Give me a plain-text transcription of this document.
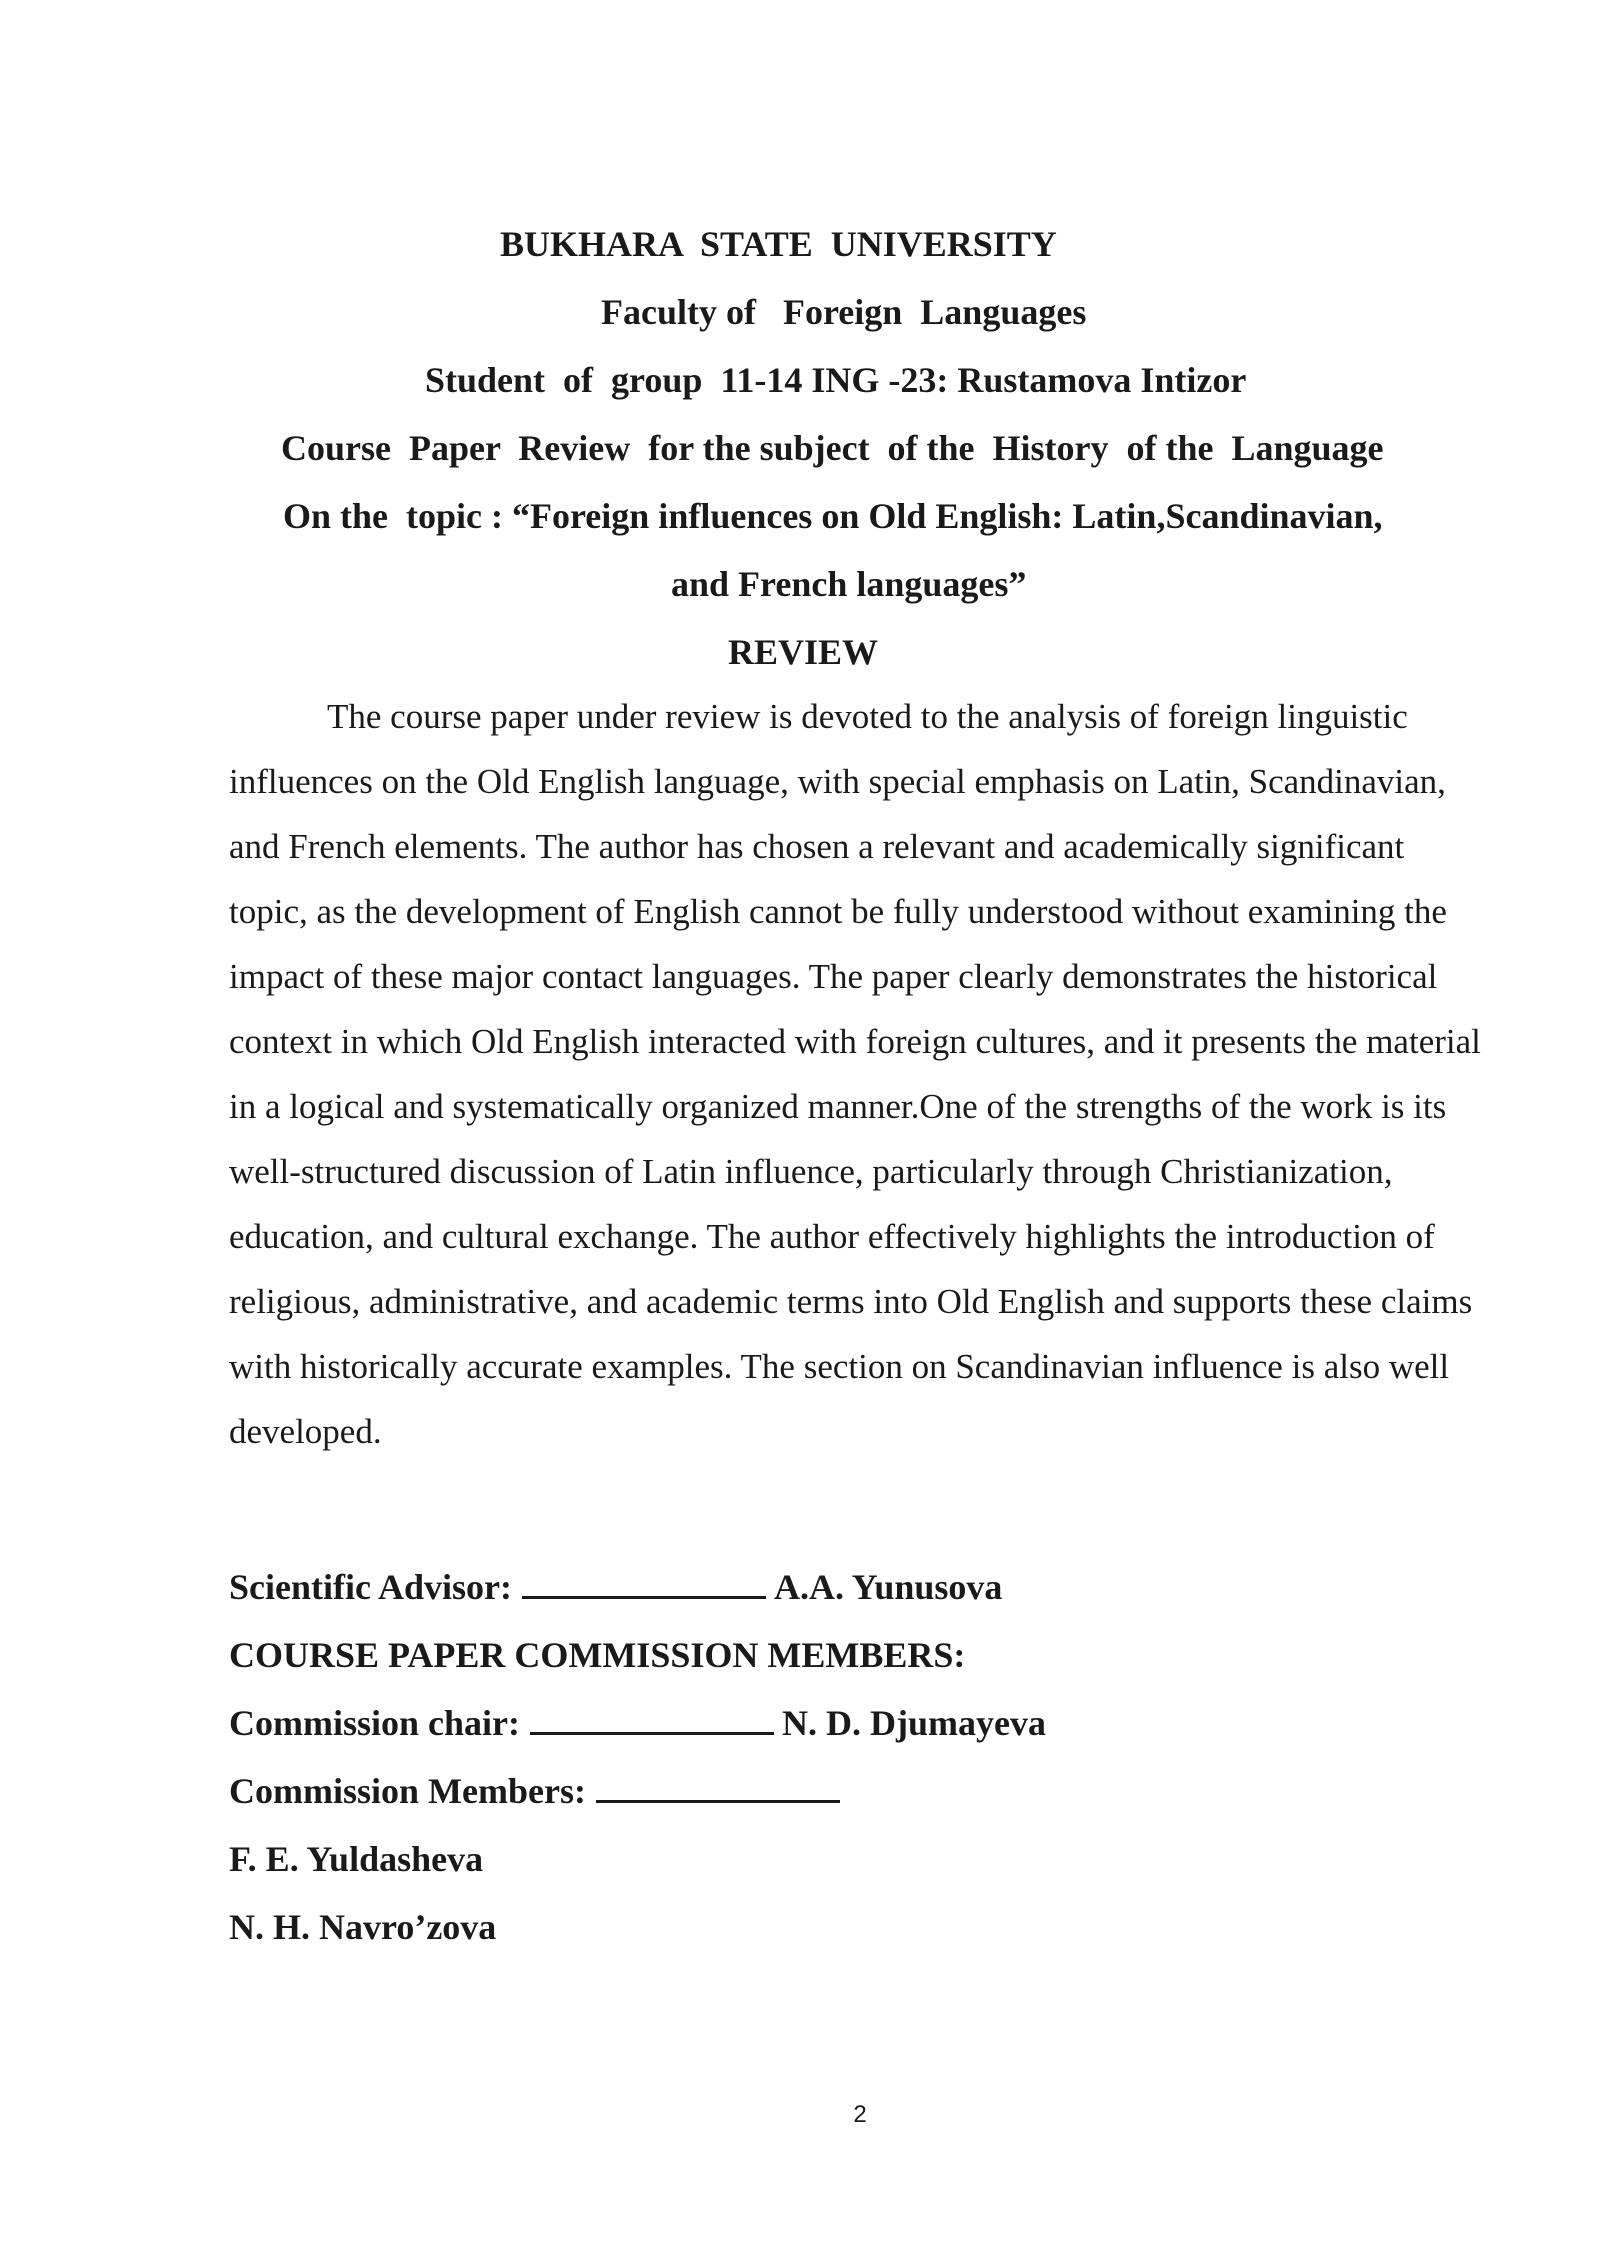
BUKHARA  STATE  UNIVERSITY

Faculty of   Foreign  Languages

Student  of  group  11-14 ING -23: Rustamova Intizor

Course  Paper  Review  for the subject  of the  History  of the  Language

On the  topic : “Foreign influences on Old English: Latin,Scandinavian,

and French languages”

REVIEW

The course paper under review is devoted to the analysis of foreign linguistic influences on the Old English language, with special emphasis on Latin, Scandinavian, and French elements. The author has chosen a relevant and academically significant topic, as the development of English cannot be fully understood without examining the impact of these major contact languages. The paper clearly demonstrates the historical context in which Old English interacted with foreign cultures, and it presents the material in a logical and systematically organized manner.One of the strengths of the work is its well-structured discussion of Latin influence, particularly through Christianization, education, and cultural exchange. The author effectively highlights the introduction of religious, administrative, and academic terms into Old English and supports these claims with historically accurate examples. The section on Scandinavian influence is also well developed.

Scientific Advisor:	A.A. Yunusova

COURSE PAPER COMMISSION MEMBERS:

Commission chair:	N. D. Djumayeva

Commission Members:

F. E. Yuldasheva

N. H. Navro’zova

2
